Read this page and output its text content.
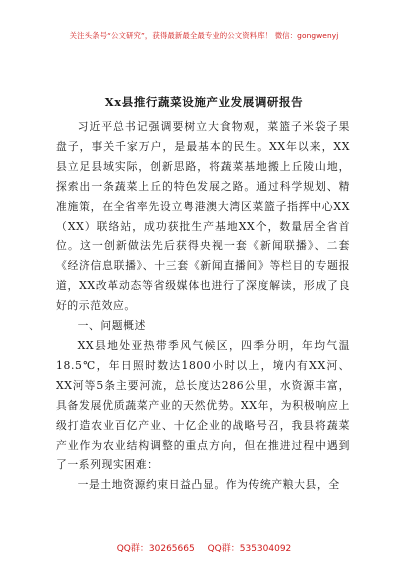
关注头条号“公文研究”，获得最新最全最专业的公文资料库！ 微信：gongwenyj
Xx县推行蔬菜设施产业发展调研报告

习近平总书记强调要树立大食物观，菜篮子米袋子果盘子，事关千家万户，是最基本的民生。XX年以来，XX县立足县域实际，创新思路，将蔬菜基地搬上丘陵山地，探索出一条蔬菜上丘的特色发展之路。通过科学规划、精准施策，在全省率先设立粤港澳大湾区菜篮子指挥中心XX（XX）联络站，成功获批生产基地XX个，数量居全省首位。这一创新做法先后获得央视一套《新闻联播》、二套《经济信息联播》、十三套《新闻直播间》等栏目的专题报道，XX改革动态等省级媒体也进行了深度解读，形成了良好的示范效应。

一、问题概述

XX县地处亚热带季风气候区，四季分明，年均气温18.5℃，年日照时数达1800小时以上，境内有XX河、XX河等5条主要河流，总长度达286公里，水资源丰富，具备发展优质蔬菜产业的天然优势。XX年，为积极响应上级打造农业百亿产业、十亿企业的战略号召，我县将蔬菜产业作为农业结构调整的重点方向，但在推进过程中遇到了一系列现实困难：

一是土地资源约束日益凸显。作为传统产粮大县，全

QQ群：30265665 QQ群：535304092
